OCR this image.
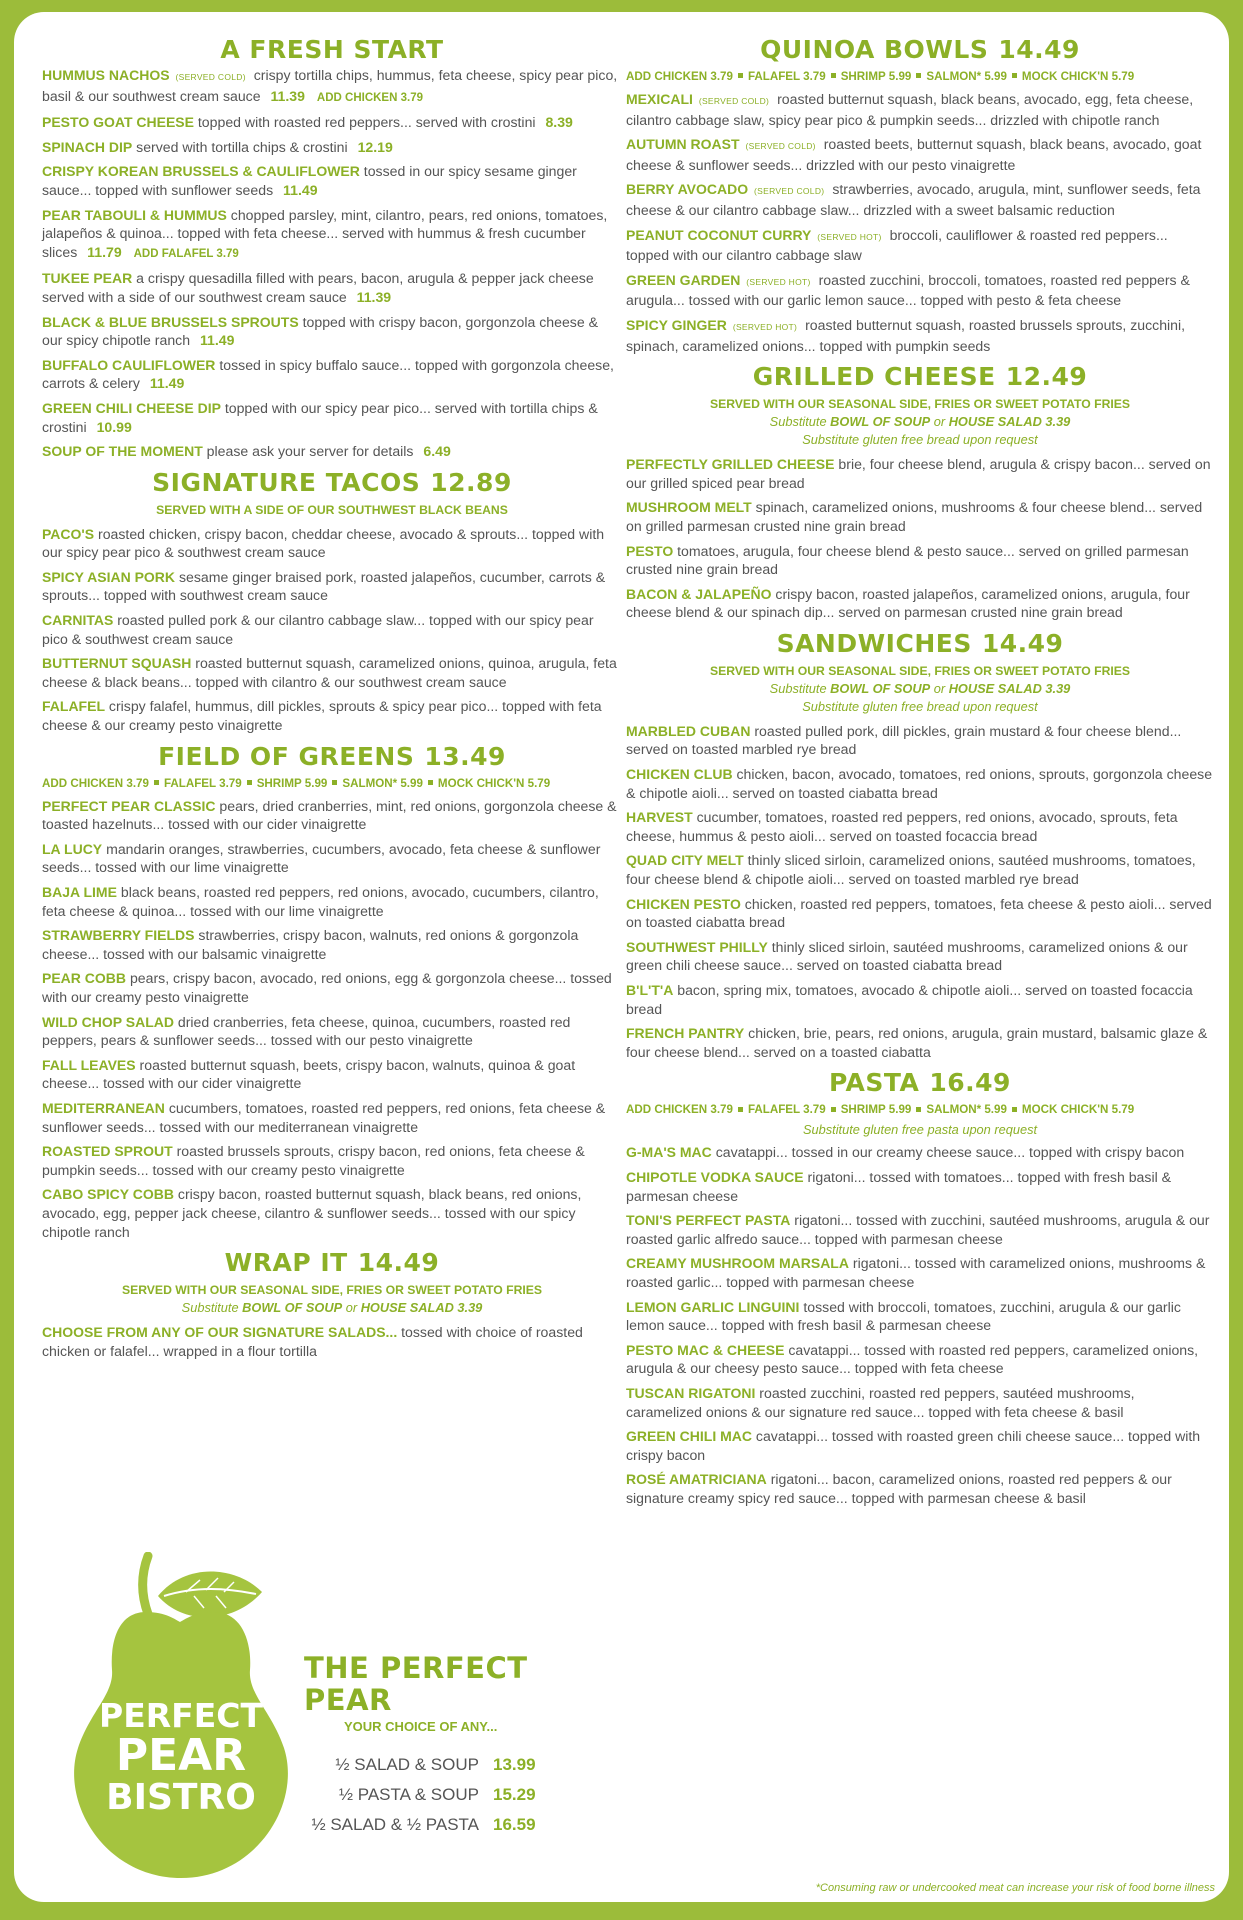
A FRESH START

HUMMUS NACHOS (SERVED COLD) crispy tortilla chips, hummus, feta cheese, spicy pear pico, basil & our southwest cream sauce 11.39 ADD CHICKEN 3.79

PESTO GOAT CHEESE topped with roasted red peppers... served with crostini 8.39

SPINACH DIP served with tortilla chips & crostini 12.19

CRISPY KOREAN BRUSSELS & CAULIFLOWER tossed in our spicy sesame ginger sauce... topped with sunflower seeds 11.49

PEAR TABOULI & HUMMUS chopped parsley, mint, cilantro, pears, red onions, tomatoes, jalapeños & quinoa... topped with feta cheese... served with hummus & fresh cucumber slices 11.79 ADD FALAFEL 3.79

TUKEE PEAR a crispy quesadilla filled with pears, bacon, arugula & pepper jack cheese served with a side of our southwest cream sauce 11.39

BLACK & BLUE BRUSSELS SPROUTS topped with crispy bacon, gorgonzola cheese & our spicy chipotle ranch 11.49

BUFFALO CAULIFLOWER tossed in spicy buffalo sauce... topped with gorgonzola cheese, carrots & celery 11.49

GREEN CHILI CHEESE DIP topped with our spicy pear pico... served with tortilla chips & crostini 10.99

SOUP OF THE MOMENT please ask your server for details 6.49

SIGNATURE TACOS 12.89

SERVED WITH A SIDE OF OUR SOUTHWEST BLACK BEANS

PACO'S roasted chicken, crispy bacon, cheddar cheese, avocado & sprouts... topped with our spicy pear pico & southwest cream sauce

SPICY ASIAN PORK sesame ginger braised pork, roasted jalapeños, cucumber, carrots & sprouts... topped with southwest cream sauce

CARNITAS roasted pulled pork & our cilantro cabbage slaw... topped with our spicy pear pico & southwest cream sauce

BUTTERNUT SQUASH roasted butternut squash, caramelized onions, quinoa, arugula, feta cheese & black beans... topped with cilantro & our southwest cream sauce

FALAFEL crispy falafel, hummus, dill pickles, sprouts & spicy pear pico... topped with feta cheese & our creamy pesto vinaigrette

FIELD OF GREENS 13.49
ADD CHICKEN 3.79 FALAFEL 3.79 SHRIMP 5.99 SALMON* 5.99 MOCK CHICK'N 5.79

PERFECT PEAR CLASSIC pears, dried cranberries, mint, red onions, gorgonzola cheese & toasted hazelnuts... tossed with our cider vinaigrette

LA LUCY mandarin oranges, strawberries, cucumbers, avocado, feta cheese & sunflower seeds... tossed with our lime vinaigrette

BAJA LIME black beans, roasted red peppers, red onions, avocado, cucumbers, cilantro, feta cheese & quinoa... tossed with our lime vinaigrette

STRAWBERRY FIELDS strawberries, crispy bacon, walnuts, red onions & gorgonzola cheese... tossed with our balsamic vinaigrette

PEAR COBB pears, crispy bacon, avocado, red onions, egg & gorgonzola cheese... tossed with our creamy pesto vinaigrette

WILD CHOP SALAD dried cranberries, feta cheese, quinoa, cucumbers, roasted red peppers, pears & sunflower seeds... tossed with our pesto vinaigrette

FALL LEAVES roasted butternut squash, beets, crispy bacon, walnuts, quinoa & goat cheese... tossed with our cider vinaigrette

MEDITERRANEAN cucumbers, tomatoes, roasted red peppers, red onions, feta cheese & sunflower seeds... tossed with our mediterranean vinaigrette

ROASTED SPROUT roasted brussels sprouts, crispy bacon, red onions, feta cheese & pumpkin seeds... tossed with our creamy pesto vinaigrette

CABO SPICY COBB crispy bacon, roasted butternut squash, black beans, red onions, avocado, egg, pepper jack cheese, cilantro & sunflower seeds... tossed with our spicy chipotle ranch

WRAP IT 14.49

SERVED WITH OUR SEASONAL SIDE, FRIES OR SWEET POTATO FRIES

Substitute BOWL OF SOUP or HOUSE SALAD 3.39

CHOOSE FROM ANY OF OUR SIGNATURE SALADS... tossed with choice of roasted chicken or falafel... wrapped in a flour tortilla

PERFECT
PEAR
BISTRO
THE PERFECT PEAR

YOUR CHOICE OF ANY...

½ SALAD & SOUP 13.99
½ PASTA & SOUP 15.29
½ SALAD & ½ PASTA 16.59
QUINOA BOWLS 14.49
ADD CHICKEN 3.79 FALAFEL 3.79 SHRIMP 5.99 SALMON* 5.99 MOCK CHICK'N 5.79

MEXICALI (SERVED COLD) roasted butternut squash, black beans, avocado, egg, feta cheese, cilantro cabbage slaw, spicy pear pico & pumpkin seeds... drizzled with chipotle ranch

AUTUMN ROAST (SERVED COLD) roasted beets, butternut squash, black beans, avocado, goat cheese & sunflower seeds... drizzled with our pesto vinaigrette

BERRY AVOCADO (SERVED COLD) strawberries, avocado, arugula, mint, sunflower seeds, feta cheese & our cilantro cabbage slaw... drizzled with a sweet balsamic reduction

PEANUT COCONUT CURRY (SERVED HOT) broccoli, cauliflower & roasted red peppers... topped with our cilantro cabbage slaw

GREEN GARDEN (SERVED HOT) roasted zucchini, broccoli, tomatoes, roasted red peppers & arugula... tossed with our garlic lemon sauce... topped with pesto & feta cheese

SPICY GINGER (SERVED HOT) roasted butternut squash, roasted brussels sprouts, zucchini, spinach, caramelized onions... topped with pumpkin seeds

GRILLED CHEESE 12.49

SERVED WITH OUR SEASONAL SIDE, FRIES OR SWEET POTATO FRIES

Substitute BOWL OF SOUP or HOUSE SALAD 3.39

Substitute gluten free bread upon request

PERFECTLY GRILLED CHEESE brie, four cheese blend, arugula & crispy bacon... served on our grilled spiced pear bread

MUSHROOM MELT spinach, caramelized onions, mushrooms & four cheese blend... served on grilled parmesan crusted nine grain bread

PESTO tomatoes, arugula, four cheese blend & pesto sauce... served on grilled parmesan crusted nine grain bread

BACON & JALAPEÑO crispy bacon, roasted jalapeños, caramelized onions, arugula, four cheese blend & our spinach dip... served on parmesan crusted nine grain bread

SANDWICHES 14.49

SERVED WITH OUR SEASONAL SIDE, FRIES OR SWEET POTATO FRIES

Substitute BOWL OF SOUP or HOUSE SALAD 3.39

Substitute gluten free bread upon request

MARBLED CUBAN roasted pulled pork, dill pickles, grain mustard & four cheese blend... served on toasted marbled rye bread

CHICKEN CLUB chicken, bacon, avocado, tomatoes, red onions, sprouts, gorgonzola cheese & chipotle aioli... served on toasted ciabatta bread

HARVEST cucumber, tomatoes, roasted red peppers, red onions, avocado, sprouts, feta cheese, hummus & pesto aioli... served on toasted focaccia bread

QUAD CITY MELT thinly sliced sirloin, caramelized onions, sautéed mushrooms, tomatoes, four cheese blend & chipotle aioli... served on toasted marbled rye bread

CHICKEN PESTO chicken, roasted red peppers, tomatoes, feta cheese & pesto aioli... served on toasted ciabatta bread

SOUTHWEST PHILLY thinly sliced sirloin, sautéed mushrooms, caramelized onions & our green chili cheese sauce... served on toasted ciabatta bread

B'L'T'A bacon, spring mix, tomatoes, avocado & chipotle aioli... served on toasted focaccia bread

FRENCH PANTRY chicken, brie, pears, red onions, arugula, grain mustard, balsamic glaze & four cheese blend... served on a toasted ciabatta

PASTA 16.49
ADD CHICKEN 3.79 FALAFEL 3.79 SHRIMP 5.99 SALMON* 5.99 MOCK CHICK'N 5.79

Substitute gluten free pasta upon request

G-MA'S MAC cavatappi... tossed in our creamy cheese sauce... topped with crispy bacon

CHIPOTLE VODKA SAUCE rigatoni... tossed with tomatoes... topped with fresh basil & parmesan cheese

TONI'S PERFECT PASTA rigatoni... tossed with zucchini, sautéed mushrooms, arugula & our roasted garlic alfredo sauce... topped with parmesan cheese

CREAMY MUSHROOM MARSALA rigatoni... tossed with caramelized onions, mushrooms & roasted garlic... topped with parmesan cheese

LEMON GARLIC LINGUINI tossed with broccoli, tomatoes, zucchini, arugula & our garlic lemon sauce... topped with fresh basil & parmesan cheese

PESTO MAC & CHEESE cavatappi... tossed with roasted red peppers, caramelized onions, arugula & our cheesy pesto sauce... topped with feta cheese

TUSCAN RIGATONI roasted zucchini, roasted red peppers, sautéed mushrooms, caramelized onions & our signature red sauce... topped with feta cheese & basil

GREEN CHILI MAC cavatappi... tossed with roasted green chili cheese sauce... topped with crispy bacon

ROSÉ AMATRICIANA rigatoni... bacon, caramelized onions, roasted red peppers & our signature creamy spicy red sauce... topped with parmesan cheese & basil

*Consuming raw or undercooked meat can increase your risk of food borne illness
